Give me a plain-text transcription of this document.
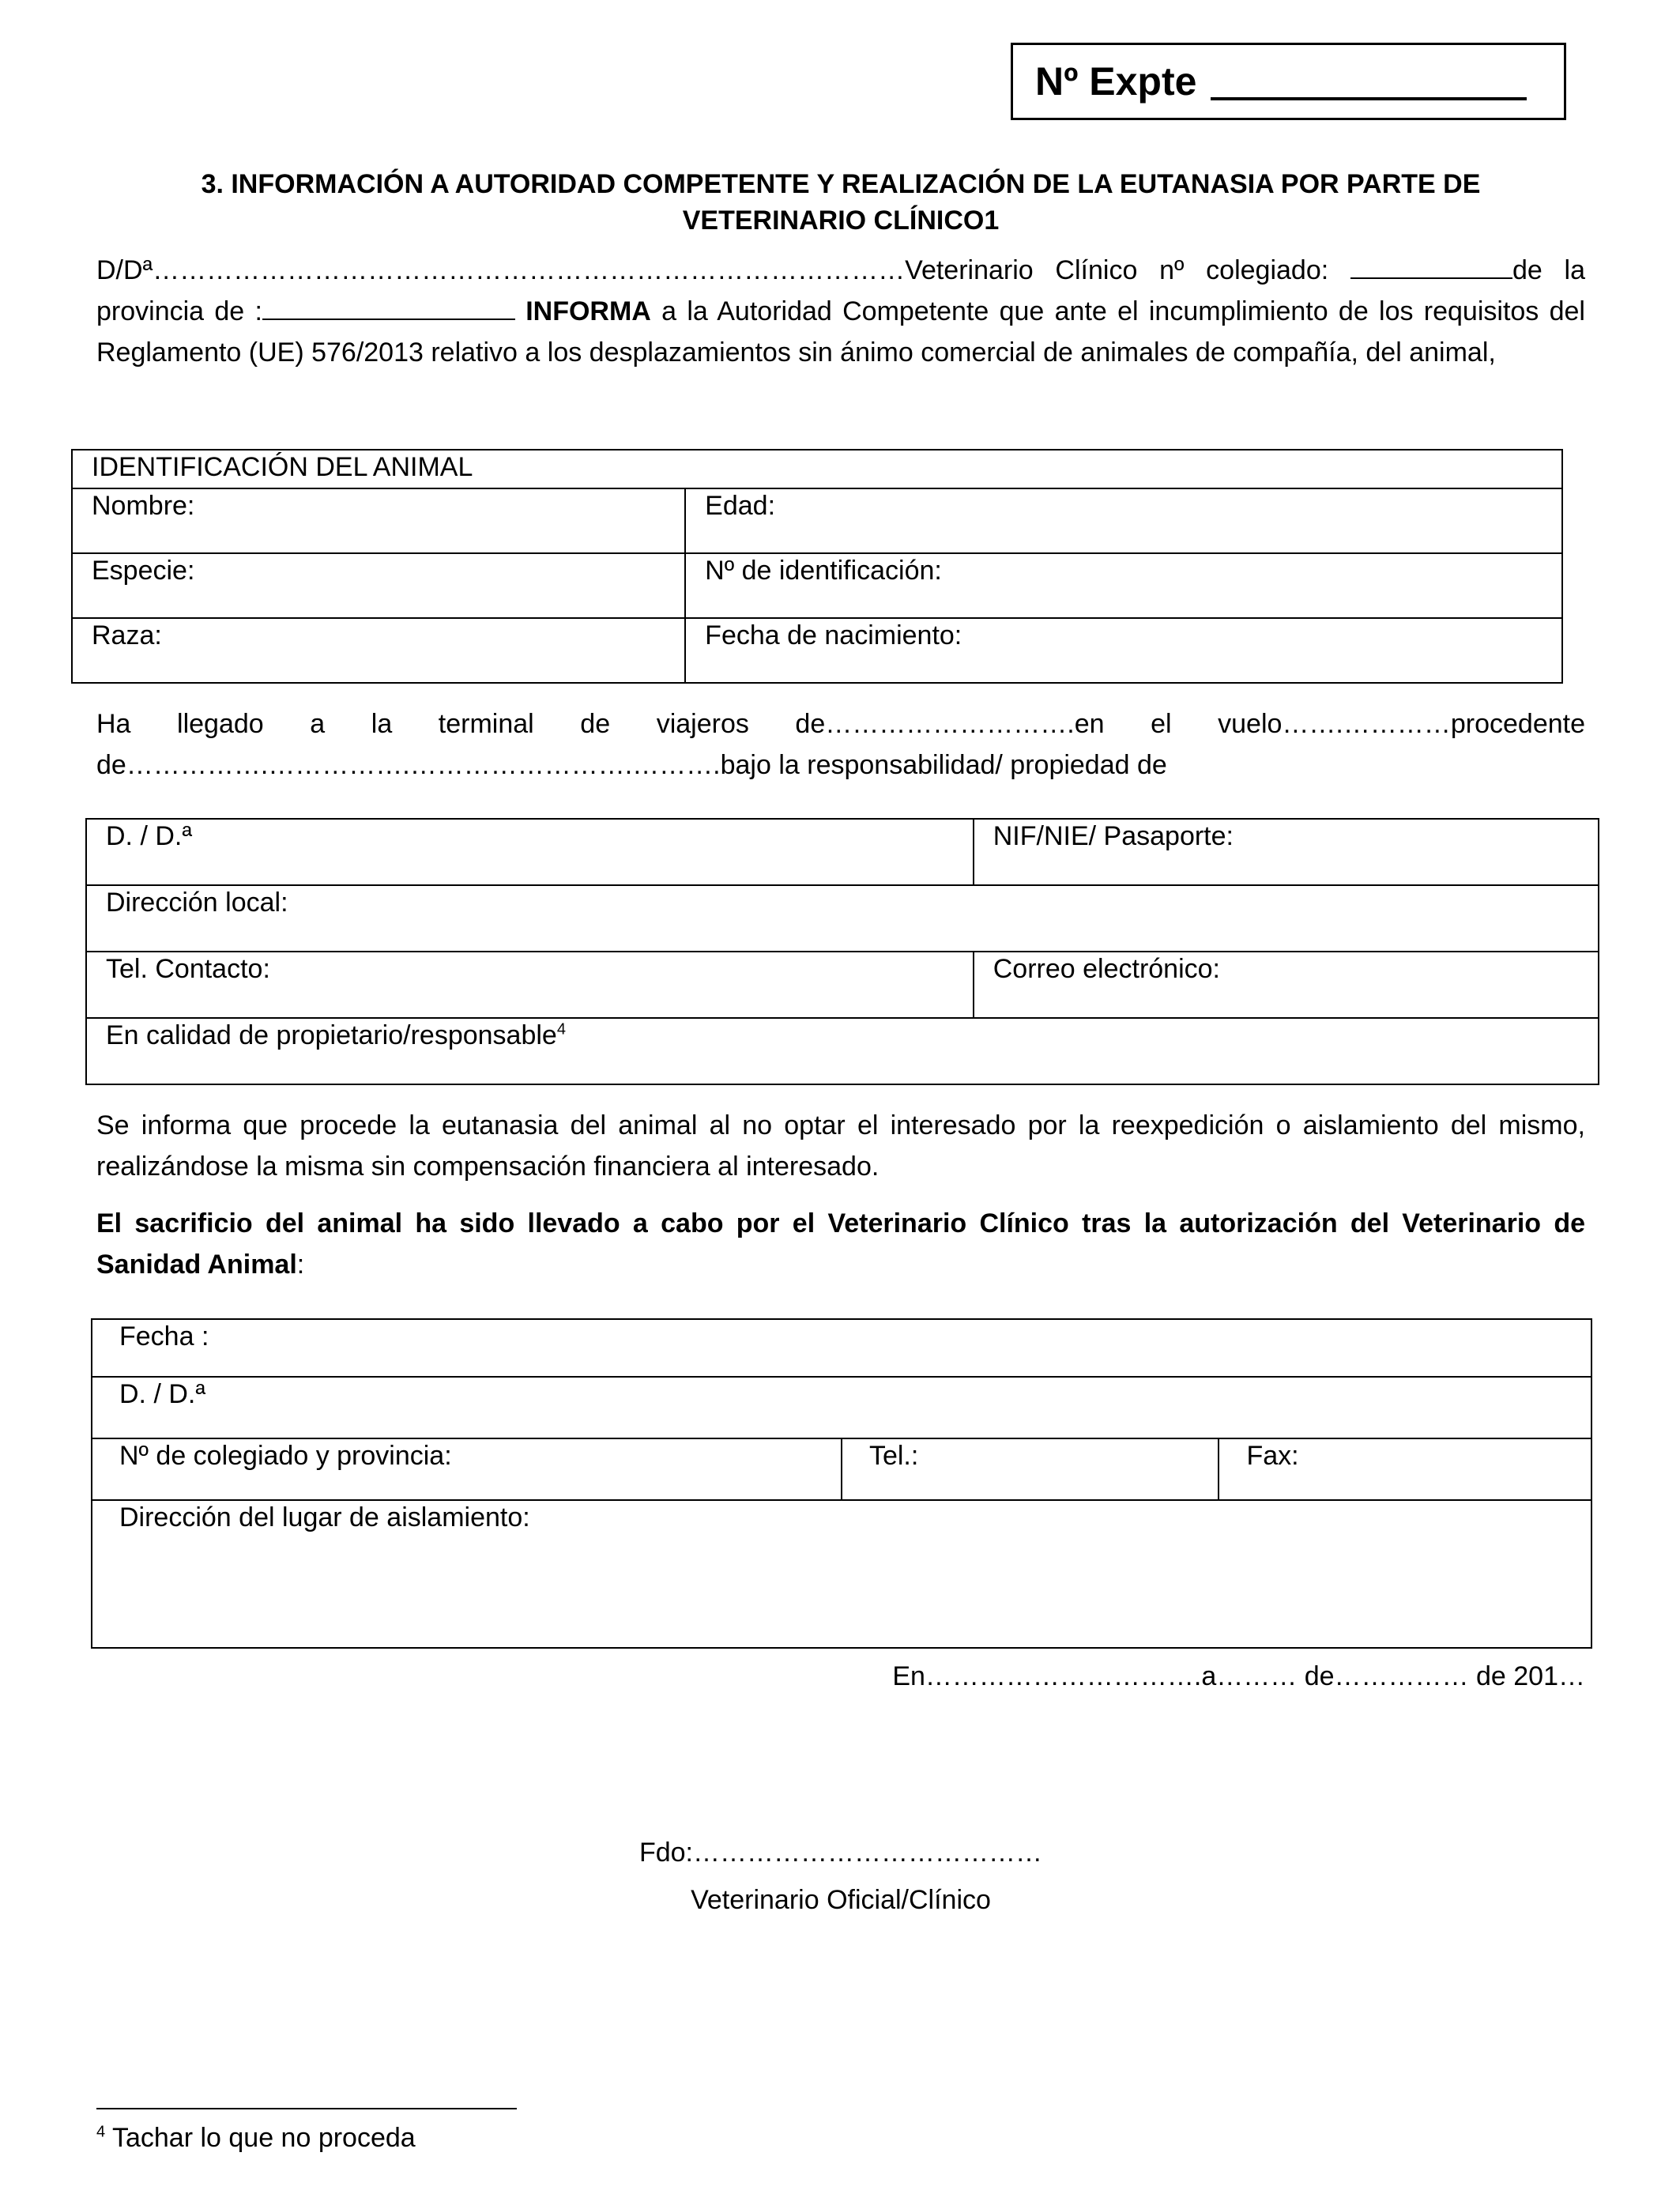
Nº Expte
3. INFORMACIÓN A AUTORIDAD COMPETENTE Y REALIZACIÓN DE LA EUTANASIA POR PARTE DE
VETERINARIO CLÍNICO1
D/Dª…………………………………………………………………………Veterinario Clínico nº colegiado:	de la provincia de :	INFORMA a la Autoridad Competente que ante el incumplimiento de los requisitos del Reglamento (UE) 576/2013 relativo a los desplazamientos sin ánimo comercial de animales de compañía, del animal,
IDENTIFICACIÓN DEL ANIMAL	
Nombre:	Edad:
Especie:	Nº de identificación:
Raza:	Fecha de nacimiento:
Ha llegado a la terminal de viajeros de……………………….en el vuelo…….…………procedente
de…………….…………….…………………….……….bajo la responsabilidad/ propiedad de
D. / D.ª	NIF/NIE/ Pasaporte:
Dirección local:	
Tel. Contacto:	Correo electrónico:
En calidad de propietario/responsable$^4$
Se informa que procede la eutanasia del animal al no optar el interesado por la reexpedición o aislamiento del mismo, realizándose la misma sin compensación financiera al interesado.
El sacrificio del animal ha sido llevado a cabo por el Veterinario Clínico tras la autorización del Veterinario de Sanidad Animal:
Fecha :
D. / D.ª
Nº de colegiado y provincia:	Tel.:	Fax:
Dirección del lugar de aislamiento:
En………………………….a……… de…………… de 201…
Fdo:…………………………………
Veterinario Oficial/Clínico
$^4$ Tachar lo que no proceda
